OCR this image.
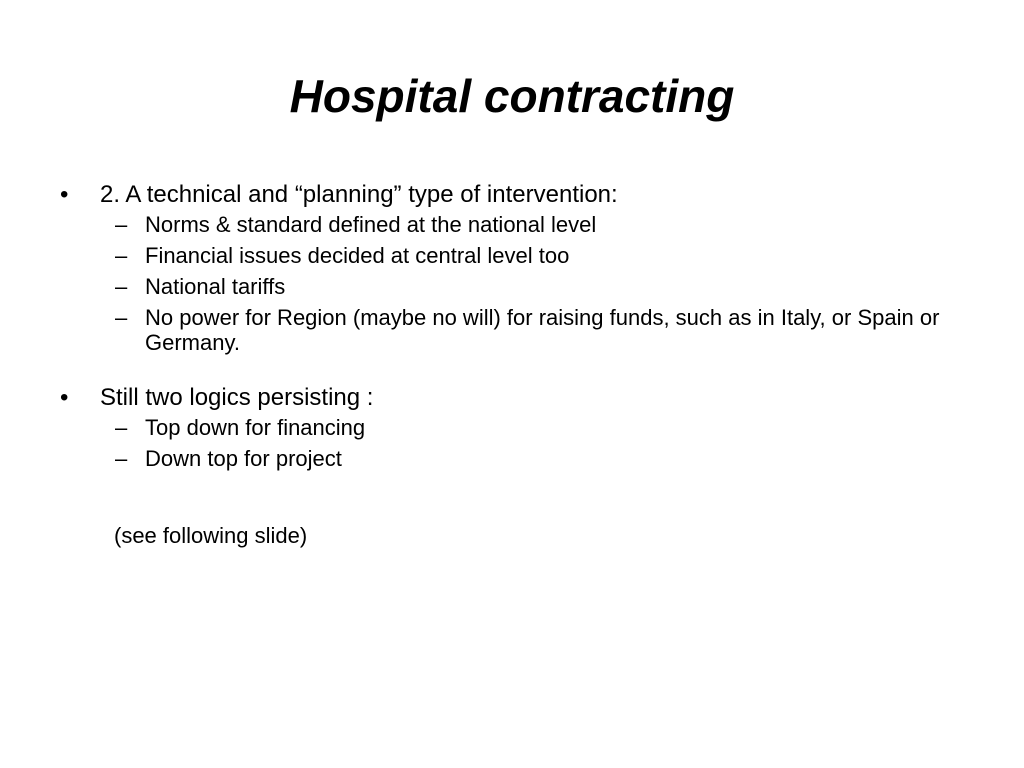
Hospital contracting
•	2. A technical and “planning” type of intervention:
– Norms & standard defined at the national level
– Financial issues decided at central level too
– National tariffs
– No power for Region (maybe no will) for raising funds, such as in Italy, or Spain or Germany.
•	Still two logics persisting :
– Top down for financing
– Down top for project
(see following slide)
